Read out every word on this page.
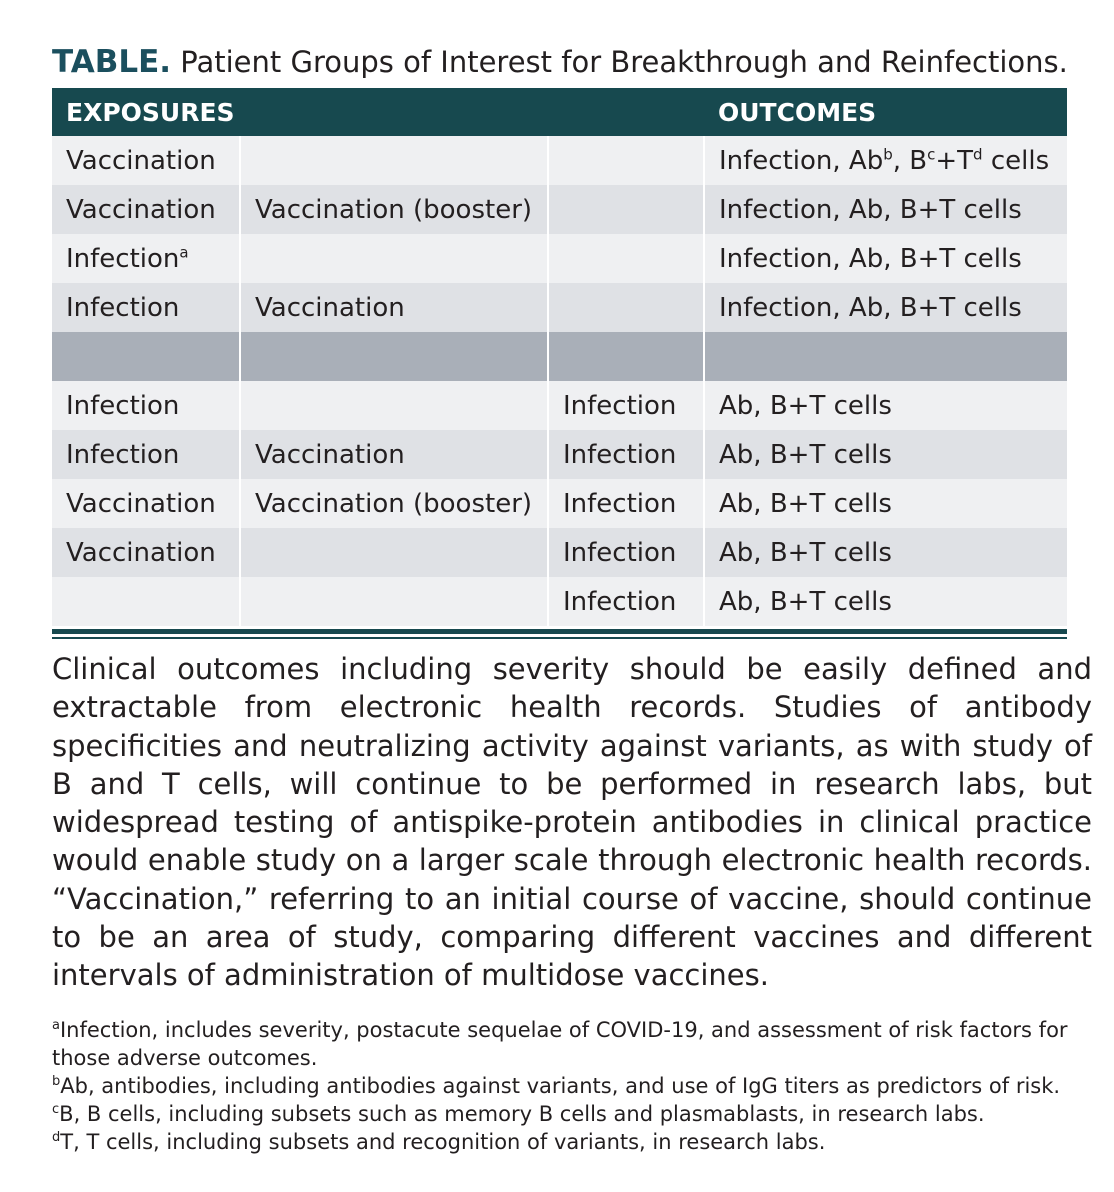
TABLE. Patient Groups of Interest for Breakthrough and Reinfections.
EXPOSURES			OUTCOMES
Vaccination			Infection, Ab$^b$, $B^c+T^d$ cells
Vaccination	Vaccination (booster)		Infection, Ab, B+T cells
Infection$^a$			Infection, Ab, B+T cells
Infection	Vaccination		Infection, Ab, B+T cells

Infection		Infection	Ab, B+T cells
Infection	Vaccination	Infection	Ab, B+T cells
Vaccination	Vaccination (booster)	Infection	Ab, B+T cells
Vaccination		Infection	Ab, B+T cells
		Infection	Ab, B+T cells
Clinical outcomes including severity should be easily defined and extractable from electronic health records. Studies of antibody specificities and neutralizing activity against variants, as with study of B and T cells, will continue to be performed in research labs, but widespread testing of antispike-protein antibodies in clinical practice would enable study on a larger scale through electronic health records. “Vaccination,” referring to an initial course of vaccine, should continue to be an area of study, comparing different vaccines and different intervals of administration of multidose vaccines.

$^a$Infection, includes severity, postacute sequelae of COVID-19, and assessment of risk factors for those adverse outcomes.

$^b$Ab, antibodies, including antibodies against variants, and use of IgG titers as predictors of risk.

$^c$B, B cells, including subsets such as memory B cells and plasmablasts, in research labs.

$^d$T, T cells, including subsets and recognition of variants, in research labs.
